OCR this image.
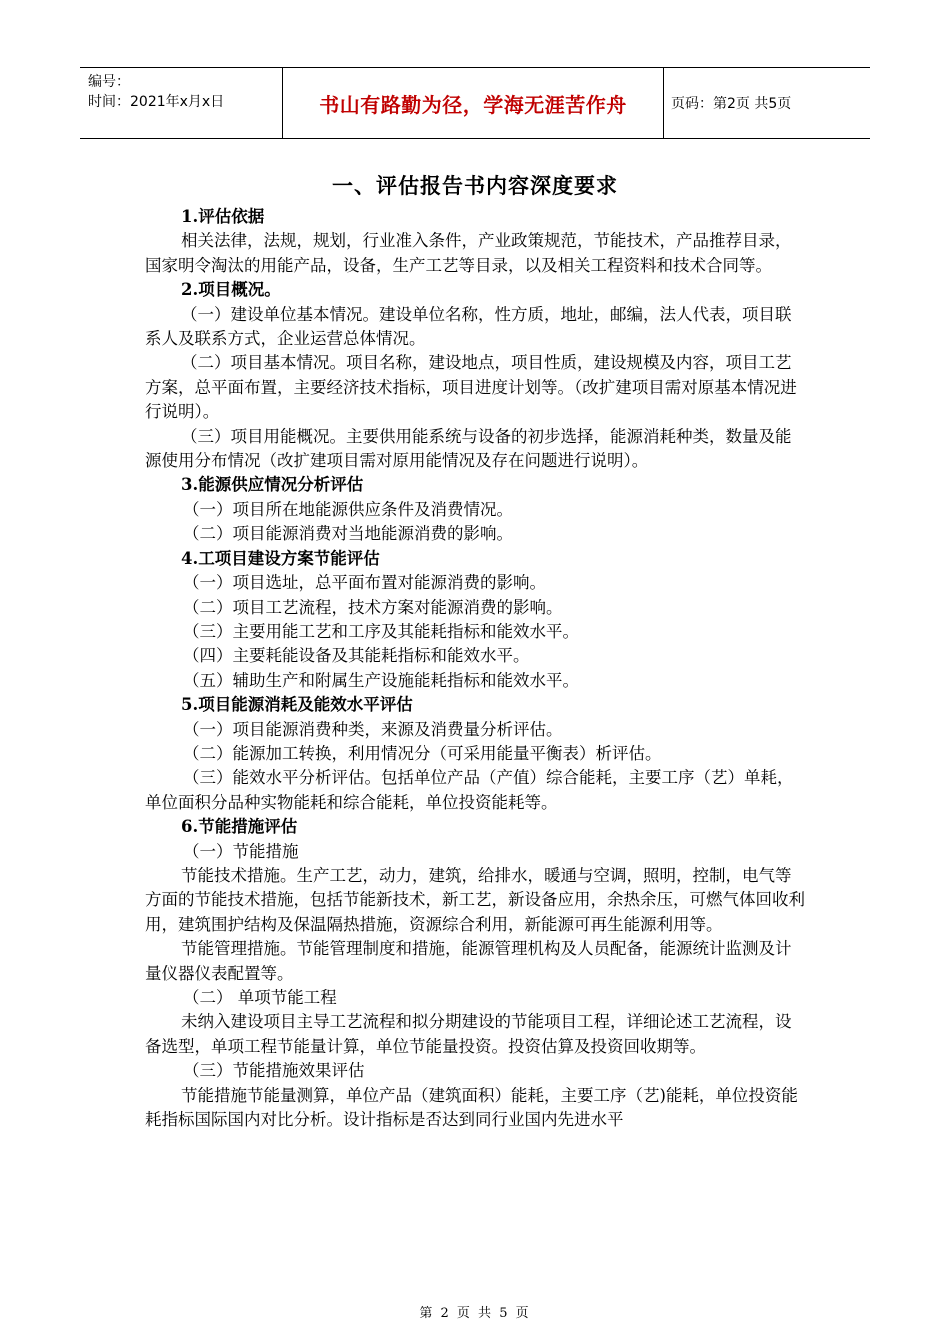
编号：
时间：2021年x月x日	书山有路勤为径，学海无涯苦作舟	页码：第2页 共5页
一、评估报告书内容深度要求

1.评估依据

相关法律，法规，规划，行业准入条件，产业政策规范，节能技术，产品推荐目录，国家明令淘汰的用能产品，设备，生产工艺等目录，以及相关工程资料和技术合同等。

2.项目概况。

（一）建设单位基本情况。建设单位名称，性方质，地址，邮编，法人代表，项目联系人及联系方式，企业运营总体情况。

（二）项目基本情况。项目名称，建设地点，项目性质，建设规模及内容，项目工艺方案，总平面布置，主要经济技术指标，项目进度计划等。（改扩建项目需对原基本情况进行说明）。

（三）项目用能概况。主要供用能系统与设备的初步选择，能源消耗种类，数量及能源使用分布情况（改扩建项目需对原用能情况及存在问题进行说明）。

3.能源供应情况分析评估

（一）项目所在地能源供应条件及消费情况。

（二）项目能源消费对当地能源消费的影响。

4.工项目建设方案节能评估

（一）项目选址，总平面布置对能源消费的影响。

（二）项目工艺流程，技术方案对能源消费的影响。

（三）主要用能工艺和工序及其能耗指标和能效水平。

（四）主要耗能设备及其能耗指标和能效水平。

（五）辅助生产和附属生产设施能耗指标和能效水平。

5.项目能源消耗及能效水平评估

（一）项目能源消费种类，来源及消费量分析评估。

（二）能源加工转换，利用情况分（可采用能量平衡表）析评估。

（三）能效水平分析评估。包括单位产品（产值）综合能耗，主要工序（艺）单耗，单位面积分品种实物能耗和综合能耗，单位投资能耗等。

6.节能措施评估

（一）节能措施

节能技术措施。生产工艺，动力，建筑，给排水，暖通与空调，照明，控制，电气等方面的节能技术措施，包括节能新技术，新工艺，新设备应用，余热余压，可燃气体回收利用，建筑围护结构及保温隔热措施，资源综合利用，新能源可再生能源利用等。

节能管理措施。节能管理制度和措施，能源管理机构及人员配备，能源统计监测及计量仪器仪表配置等。

（二） 单项节能工程

未纳入建设项目主导工艺流程和拟分期建设的节能项目工程，详细论述工艺流程，设备选型，单项工程节能量计算，单位节能量投资。投资估算及投资回收期等。

（三）节能措施效果评估

节能措施节能量测算，单位产品（建筑面积）能耗，主要工序（艺)能耗，单位投资能耗指标国际国内对比分析。设计指标是否达到同行业国内先进水平

第 2 页 共 5 页
